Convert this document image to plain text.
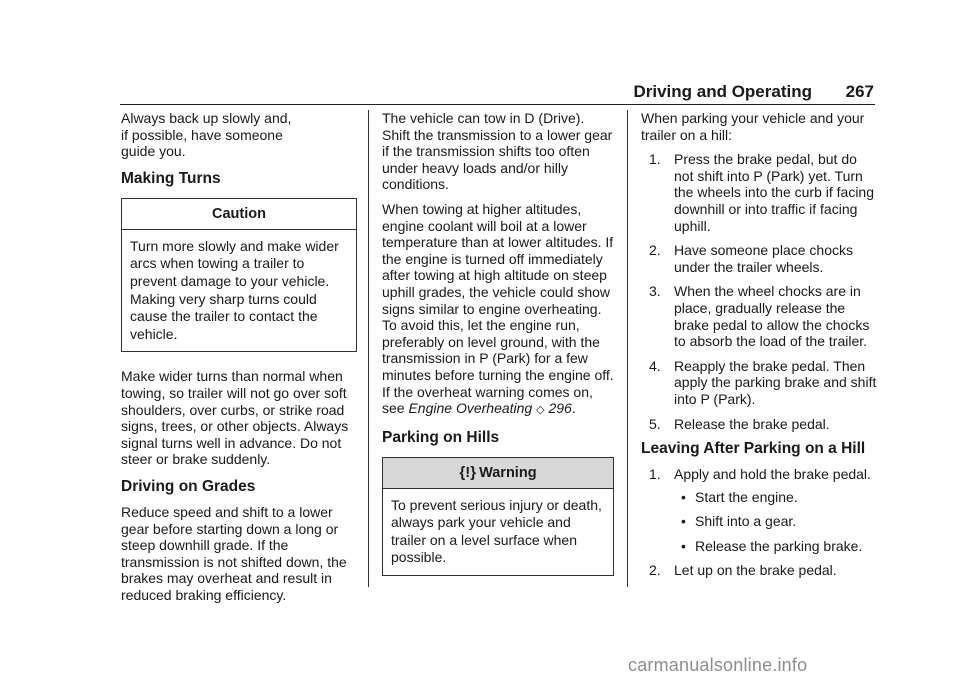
Driving and Operating 267

Always back up slowly and,
if possible, have someone
guide you.

Making Turns
Caution
Turn more slowly and make wider arcs when towing a trailer to prevent damage to your vehicle. Making very sharp turns could cause the trailer to contact the vehicle.

Make wider turns than normal when towing, so trailer will not go over soft shoulders, over curbs, or strike road signs, trees, or other objects. Always signal turns well in advance. Do not steer or brake suddenly.

Driving on Grades

Reduce speed and shift to a lower gear before starting down a long or steep downhill grade. If the transmission is not shifted down, the brakes may overheat and result in reduced braking efficiency.

The vehicle can tow in D (Drive). Shift the transmission to a lower gear if the transmission shifts too often under heavy loads and/or hilly conditions.

When towing at higher altitudes, engine coolant will boil at a lower temperature than at lower altitudes. If the engine is turned off immediately after towing at high altitude on steep uphill grades, the vehicle could show signs similar to engine overheating. To avoid this, let the engine run, preferably on level ground, with the transmission in P (Park) for a few minutes before turning the engine off. If the overheat warning comes on, see Engine Overheating ◇ 296.

Parking on Hills
{!} Warning
To prevent serious injury or death, always park your vehicle and trailer on a level surface when possible.

When parking your vehicle and your trailer on a hill:

1. Press the brake pedal, but do not shift into P (Park) yet. Turn the wheels into the curb if facing downhill or into traffic if facing uphill.
2. Have someone place chocks under the trailer wheels.
3. When the wheel chocks are in place, gradually release the brake pedal to allow the chocks to absorb the load of the trailer.
4. Reapply the brake pedal. Then apply the parking brake and shift into P (Park).
5. Release the brake pedal.
Leaving After Parking on a Hill
1. Apply and hold the brake pedal.
• Start the engine.
• Shift into a gear.
• Release the parking brake.
2. Let up on the brake pedal.
carmanualsonline.info
